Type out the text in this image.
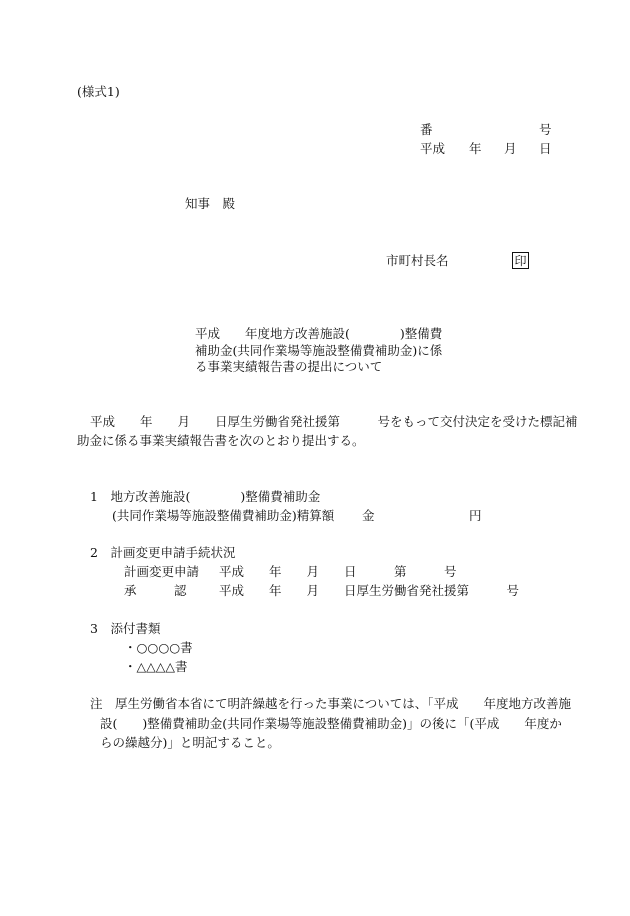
(様式1)
番	号
平成 年 月 日
知事　殿
市町村長名	印
平成　　年度地方改善施設(　　　　)整備費
補助金(共同作業場等施設整備費補助金)に係
る事業実績報告書の提出について
平成　　年　　月　　日厚生労働省発社援第　　　号をもって交付決定を受けた標記補
助金に係る事業実績報告書を次のとおり提出する。
1　地方改善施設(　　　　)整備費補助金
(共同作業場等施設整備費補助金)精算額 金	円
2　計画変更申請手続状況
計画変更申請 平成　　年　　月　　日　　　第　　　号
承　　　認	平成　　年　　月　　日厚生労働省発社援第　　　号
3　添付書類
・○○○○書
・△△△△書
注　厚生労働省本省にて明許繰越を行った事業については、「平成　　年度地方改善施
設(　　)整備費補助金(共同作業場等施設整備費補助金)」の後に「(平成　　年度か
らの繰越分)」と明記すること。
